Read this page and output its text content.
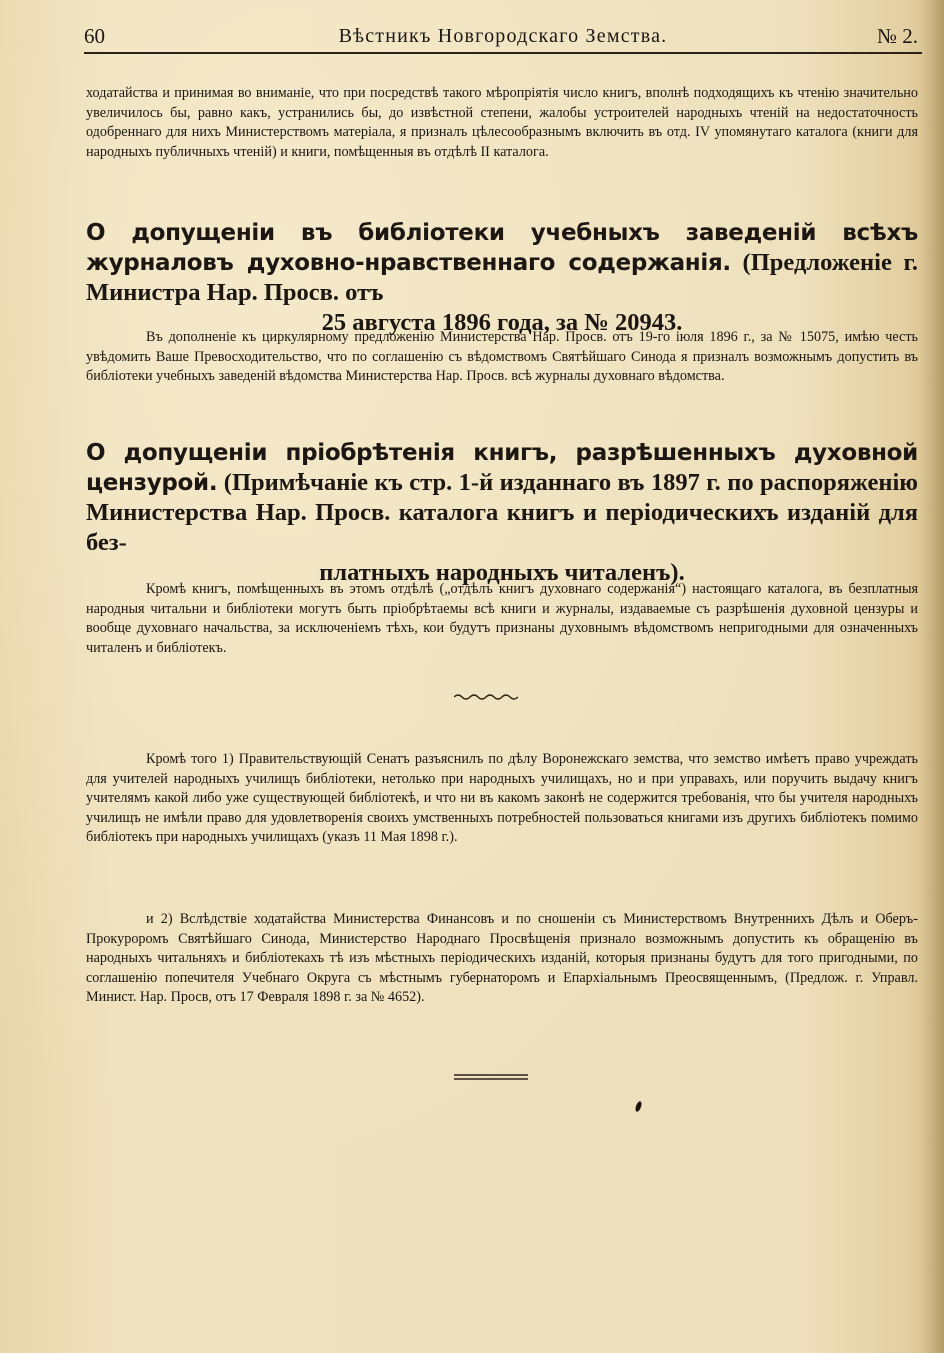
60	Вѣстникъ Новгородскаго Земства.	№ 2.

ходатайства и принимая во вниманіе, что при посредствѣ такого мѣропріятія число книгъ, вполнѣ подходящихъ къ чтенію значительно увеличилось бы, равно какъ, устранились бы, до извѣстной степени, жалобы устроителей народныхъ чтеній на недостаточность одобреннаго для нихъ Министерствомъ матеріала, я призналъ цѣлесообразнымъ включить въ отд. IV упомянутаго каталога (книги для народныхъ публичныхъ чтеній) и книги, помѣщенныя въ отдѣлѣ II каталога.

О допущеніи въ библіотеки учебныхъ заведеній всѣхъ журналовъ духовно-нравственнаго содержанія. (Предложеніе г. Министра Нар. Просв. отъ
25 августа 1896 года, за № 20943.

Въ дополненіе къ циркулярному предложенію Министерства Нар. Просв. отъ 19-го іюля 1896 г., за № 15075, имѣю честь увѣдомить Ваше Превосходительство, что по соглашенію съ вѣдомствомъ Святѣйшаго Синода я призналъ возможнымъ допустить въ библіотеки учебныхъ заведеній вѣдомства Министерства Нар. Просв. всѣ журналы духовнаго вѣдомства.

О допущеніи пріобрѣтенія книгъ, разрѣшенныхъ духовной цензурой. (Примѣчаніе къ стр. 1-й изданнаго въ 1897 г. по распоряженію Министерства Нар. Просв. каталога книгъ и періодическихъ изданій для без-
платныхъ народныхъ читаленъ).

Кромѣ книгъ, помѣщенныхъ въ этомъ отдѣлѣ („отдѣлъ книгъ духовнаго содержанія“) настоящаго каталога, въ безплатныя народныя читальни и библіотеки могутъ быть пріобрѣтаемы всѣ книги и журналы, издаваемые съ разрѣшенія духовной цензуры и вообще духовнаго начальства, за исключеніемъ тѣхъ, кои будутъ признаны духовнымъ вѣдомствомъ непригодными для означенныхъ читаленъ и библіотекъ.

Кромѣ того 1) Правительствующій Сенатъ разъяснилъ по дѣлу Воронежскаго земства, что земство имѣетъ право учреждать для учителей народныхъ училищъ библіотеки, нетолько при народныхъ училищахъ, но и при управахъ, или поручить выдачу книгъ учителямъ какой либо уже существующей библіотекѣ, и что ни въ какомъ законѣ не содержится требованія, что бы учителя народныхъ училищъ не имѣли право для удовлетворенія своихъ умственныхъ потребностей пользоваться книгами изъ другихъ библіотекъ помимо библіотекъ при народныхъ училищахъ (указъ 11 Мая 1898 г.).

и 2) Вслѣдствіе ходатайства Министерства Финансовъ и по сношеніи съ Министерствомъ Внутреннихъ Дѣлъ и Оберъ-Прокуроромъ Святѣйшаго Синода, Министерство Народнаго Просвѣщенія признало возможнымъ допустить къ обращенію въ народныхъ читальняхъ и библіотекахъ тѣ изъ мѣстныхъ періодическихъ изданій, которыя признаны будутъ для того пригодными, по соглашенію попечителя Учебнаго Округа съ мѣстнымъ губернаторомъ и Епархіальнымъ Преосвященнымъ, (Предлож. г. Управл. Минист. Нар. Просв, отъ 17 Февраля 1898 г. за № 4652).
